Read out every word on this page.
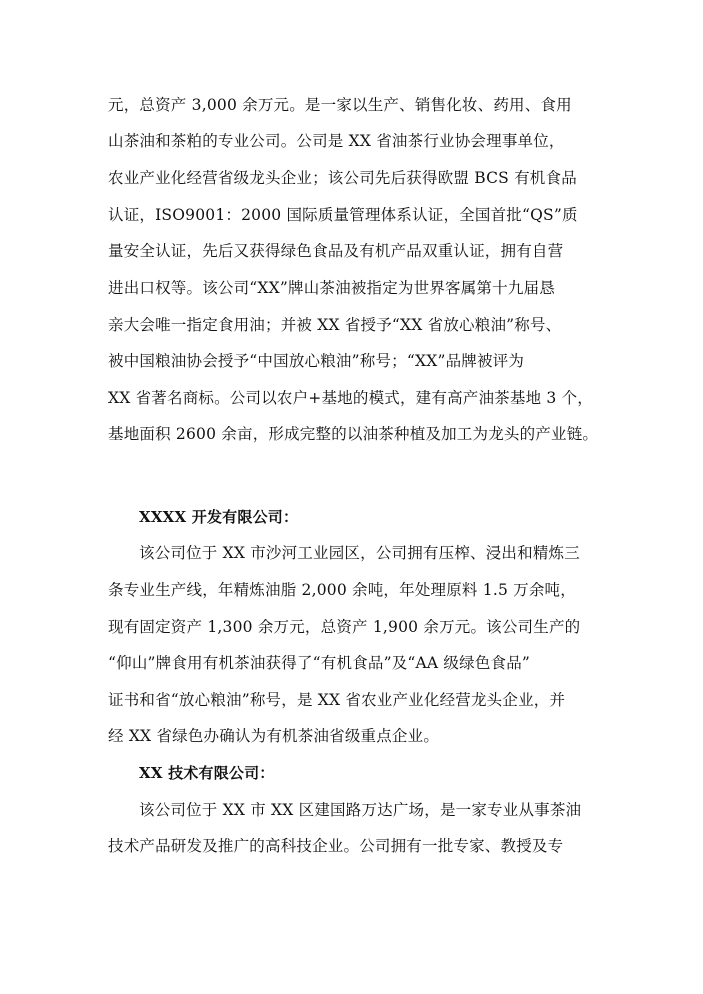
元，总资产 3,000 余万元。是一家以生产、销售化妆、药用、食用
山茶油和茶粕的专业公司。公司是 XX 省油茶行业协会理事单位，
农业产业化经营省级龙头企业；该公司先后获得欧盟 BCS 有机食品
认证，ISO9001：2000 国际质量管理体系认证，全国首批“QS”质
量安全认证，先后又获得绿色食品及有机产品双重认证，拥有自营
进出口权等。该公司“XX”牌山茶油被指定为世界客属第十九届恳
亲大会唯一指定食用油；并被 XX 省授予“XX 省放心粮油”称号、
被中国粮油协会授予“中国放心粮油”称号；“XX”品牌被评为
XX 省著名商标。公司以农户+基地的模式，建有高产油茶基地 3 个，
基地面积 2600 余亩，形成完整的以油茶种植及加工为龙头的产业链。
XXXX 开发有限公司：
该公司位于 XX 市沙河工业园区，公司拥有压榨、浸出和精炼三
条专业生产线，年精炼油脂 2,000 余吨，年处理原料 1.5 万余吨，
现有固定资产 1,300 余万元，总资产 1,900 余万元。该公司生产的
“仰山”牌食用有机茶油获得了“有机食品”及“AA 级绿色食品”
证书和省“放心粮油”称号，是 XX 省农业产业化经营龙头企业，并
经 XX 省绿色办确认为有机茶油省级重点企业。
XX 技术有限公司：
该公司位于 XX 市 XX 区建国路万达广场，是一家专业从事茶油
技术产品研发及推广的高科技企业。公司拥有一批专家、教授及专
